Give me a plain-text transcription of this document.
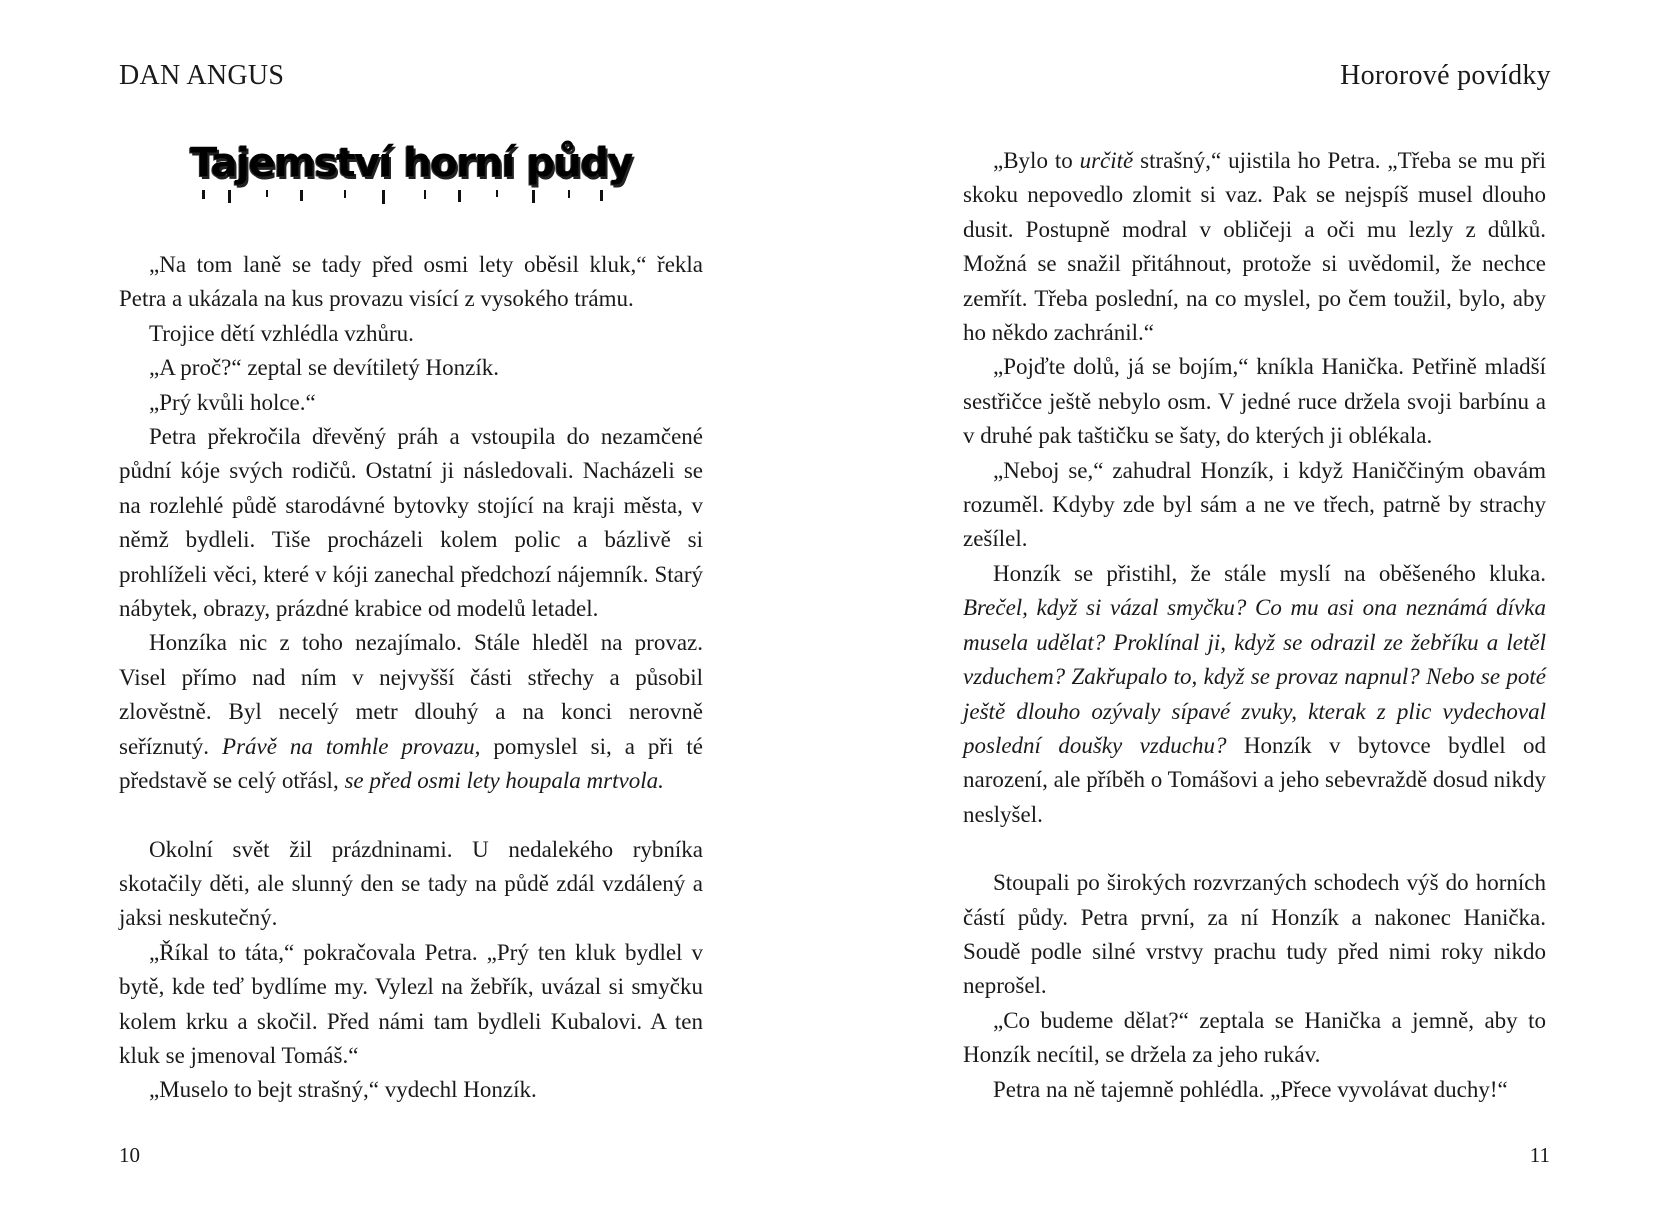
DAN ANGUS
Tajemství horní půdy

„Na tom laně se tady před osmi lety oběsil kluk,“ řekla Petra a ukázala na kus provazu visící z vysokého trámu.

Trojice dětí vzhlédla vzhůru.

„A proč?“ zeptal se devítiletý Honzík.

„Prý kvůli holce.“

Petra překročila dřevěný práh a vstoupila do nezamčené půdní kóje svých rodičů. Ostatní ji následovali. Nacházeli se na rozlehlé půdě starodávné bytovky stojící na kraji města, v němž bydleli. Tiše procházeli kolem polic a bázlivě si prohlíželi věci, které v kóji zanechal předchozí nájemník. Starý nábytek, obrazy, prázdné krabice od modelů letadel.

Honzíka nic z toho nezajímalo. Stále hleděl na provaz. Visel přímo nad ním v nejvyšší části střechy a působil zlověstně. Byl necelý metr dlouhý a na konci nerovně seříznutý. Právě na tomhle provazu, pomyslel si, a při té představě se celý otřásl, se před osmi lety houpala mrtvola.

Okolní svět žil prázdninami. U nedalekého rybníka skotačily děti, ale slunný den se tady na půdě zdál vzdálený a jaksi neskutečný.

„Říkal to táta,“ pokračovala Petra. „Prý ten kluk bydlel v bytě, kde teď bydlíme my. Vylezl na žebřík, uvázal si smyčku kolem krku a skočil. Před námi tam bydleli Kubalovi. A ten kluk se jmenoval Tomáš.“

„Muselo to bejt strašný,“ vydechl Honzík.

10
Hororové povídky

„Bylo to určitě strašný,“ ujistila ho Petra. „Třeba se mu při skoku nepovedlo zlomit si vaz. Pak se nejspíš musel dlouho dusit. Postupně modral v obličeji a oči mu lezly z důlků. Možná se snažil přitáhnout, protože si uvědomil, že nechce zemřít. Třeba poslední, na co myslel, po čem toužil, bylo, aby ho někdo zachránil.“

„Pojďte dolů, já se bojím,“ kníkla Hanička. Petřině mladší sestřičce ještě nebylo osm. V jedné ruce držela svoji barbínu a v druhé pak taštičku se šaty, do kterých ji oblékala.

„Neboj se,“ zahudral Honzík, i když Haniččiným obavám rozuměl. Kdyby zde byl sám a ne ve třech, patrně by strachy zešílel.

Honzík se přistihl, že stále myslí na oběšeného kluka. Brečel, když si vázal smyčku? Co mu asi ona neznámá dívka musela udělat? Proklínal ji, když se odrazil ze žebříku a letěl vzduchem? Zakřupalo to, když se provaz napnul? Nebo se poté ještě dlouho ozývaly sípavé zvuky, kterak z plic vydechoval poslední doušky vzduchu? Honzík v bytovce bydlel od narození, ale příběh o Tomášovi a jeho sebevraždě dosud nikdy neslyšel.

Stoupali po širokých rozvrzaných schodech výš do horních částí půdy. Petra první, za ní Honzík a nakonec Hanička. Soudě podle silné vrstvy prachu tudy před nimi roky nikdo neprošel.

„Co budeme dělat?“ zeptala se Hanička a jemně, aby to Honzík necítil, se držela za jeho rukáv.

Petra na ně tajemně pohlédla. „Přece vyvolávat duchy!“

11
